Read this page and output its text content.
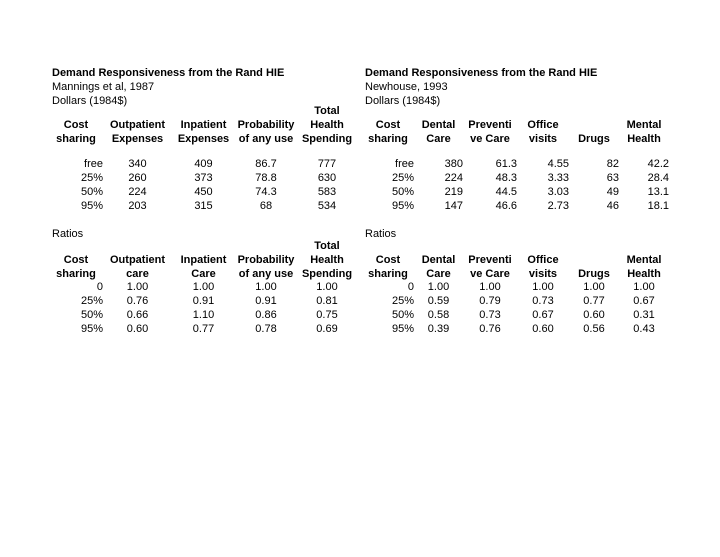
Demand Responsiveness from the Rand HIE
Mannings et al, 1987
Dollars (1984$)
				Total
Cost	Outpatient	Inpatient	Probability	Health
sharing	Expenses	Expenses	of any use	Spending

free	340	409	86.7	777
25%	260	373	78.8	630
50%	224	450	74.3	583
95%	203	315	68	534
Ratios
				Total
Cost	Outpatient	Inpatient	Probability	Health
sharing	care	Care	of any use	Spending
0	1.00	1.00	1.00	1.00
25%	0.76	0.91	0.91	0.81
50%	0.66	1.10	0.86	0.75
95%	0.60	0.77	0.78	0.69
Demand Responsiveness from the Rand HIE
Newhouse, 1993
Dollars (1984$)
Cost	Dental	Preventi	Office		Mental
sharing	Care	ve Care	visits	Drugs	Health

free	380	61.3	4.55	82	42.2
25%	224	48.3	3.33	63	28.4
50%	219	44.5	3.03	49	13.1
95%	147	46.6	2.73	46	18.1
Ratios
Cost	Dental	Preventi	Office		Mental
sharing	Care	ve Care	visits	Drugs	Health
0	1.00	1.00	1.00	1.00	1.00
25%	0.59	0.79	0.73	0.77	0.67
50%	0.58	0.73	0.67	0.60	0.31
95%	0.39	0.76	0.60	0.56	0.43
